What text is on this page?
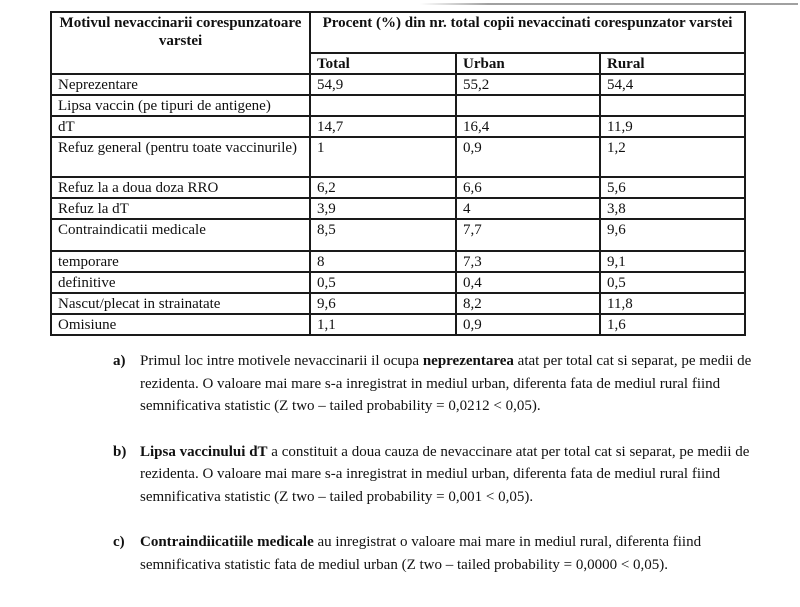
Motivul nevaccinarii corespunzatoare varstei	Procent (%) din nr. total copii nevaccinati corespunzator varstei		
	Total	Urban	Rural
Neprezentare	54,9	55,2	54,4
Lipsa vaccin (pe tipuri de antigene)			
dT	14,7	16,4	11,9
Refuz general (pentru toate vaccinurile)	1	0,9	1,2
Refuz la a doua doza RRO	6,2	6,6	5,6
Refuz la dT	3,9	4	3,8
Contraindicatii medicale	8,5	7,7	9,6
temporare	8	7,3	9,1
definitive	0,5	0,4	0,5
Nascut/plecat in strainatate	9,6	8,2	11,8
Omisiune	1,1	0,9	1,6
a) Primul loc intre motivele nevaccinarii il ocupa neprezentarea atat per total cat si separat, pe medii de rezidenta. O valoare mai mare s-a inregistrat in mediul urban, diferenta fata de mediul rural fiind semnificativa statistic (Z two – tailed probability = 0,0212 < 0,05).
b) Lipsa vaccinului dT a constituit a doua cauza de nevaccinare atat per total cat si separat, pe medii de rezidenta. O valoare mai mare s-a inregistrat in mediul urban, diferenta fata de mediul rural fiind semnificativa statistic (Z two – tailed probability = 0,001 < 0,05).
c)	Contraindiicatiile medicale au inregistrat o valoare mai mare in mediul rural, diferenta fiind semnificativa statistic fata de mediul urban (Z two – tailed probability = 0,0000 < 0,05).
